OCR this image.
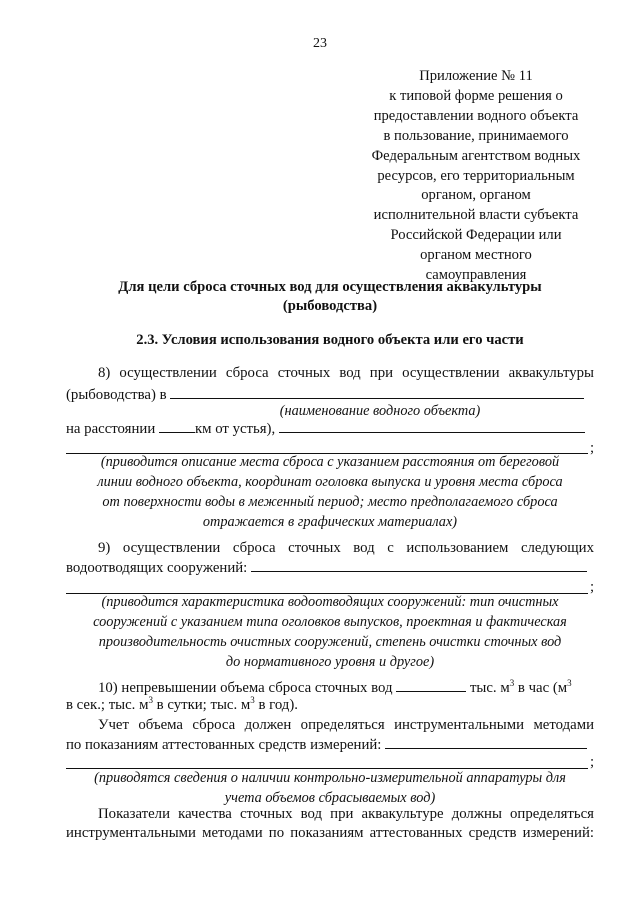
23
Приложение № 11
к типовой форме решения о
предоставлении водного объекта
в пользование, принимаемого
Федеральным агентством водных
ресурсов, его территориальным
органом, органом
исполнительной власти субъекта
Российской Федерации или
органом местного
самоуправления
Для цели сброса сточных вод для осуществления аквакультуры
(рыбоводства)
2.3. Условия использования водного объекта или его части
8) осуществлении сброса сточных вод при осуществлении аквакультуры
(рыбоводства) в
(наименование водного объекта)
на расстоянии	км от устья),
;
(приводится описание места сброса с указанием расстояния от береговой
линии водного объекта, координат оголовка выпуска и уровня места сброса
от поверхности воды в меженный период; место предполагаемого сброса
отражается в графических материалах)
9) осуществлении сброса сточных вод с использованием следующих
водоотводящих сооружений:
;
(приводится характеристика водоотводящих сооружений: тип очистных
сооружений с указанием типа оголовков выпусков, проектная и фактическая
производительность очистных сооружений, степень очистки сточных вод
до нормативного уровня и другое)
10) непревышении объема сброса сточных вод	тыс. $м^3$ в час ($м^3$
в сек.; тыс. $м^3$ в сутки; тыс. $м^3$ в год).
Учет объема сброса должен определяться инструментальными методами
по показаниям аттестованных средств измерений:
;
(приводятся сведения о наличии контрольно-измерительной аппаратуры для
учета объемов сбрасываемых вод)
Показатели качества сточных вод при аквакультуре должны определяться
инструментальными методами по показаниям аттестованных средств измерений:
